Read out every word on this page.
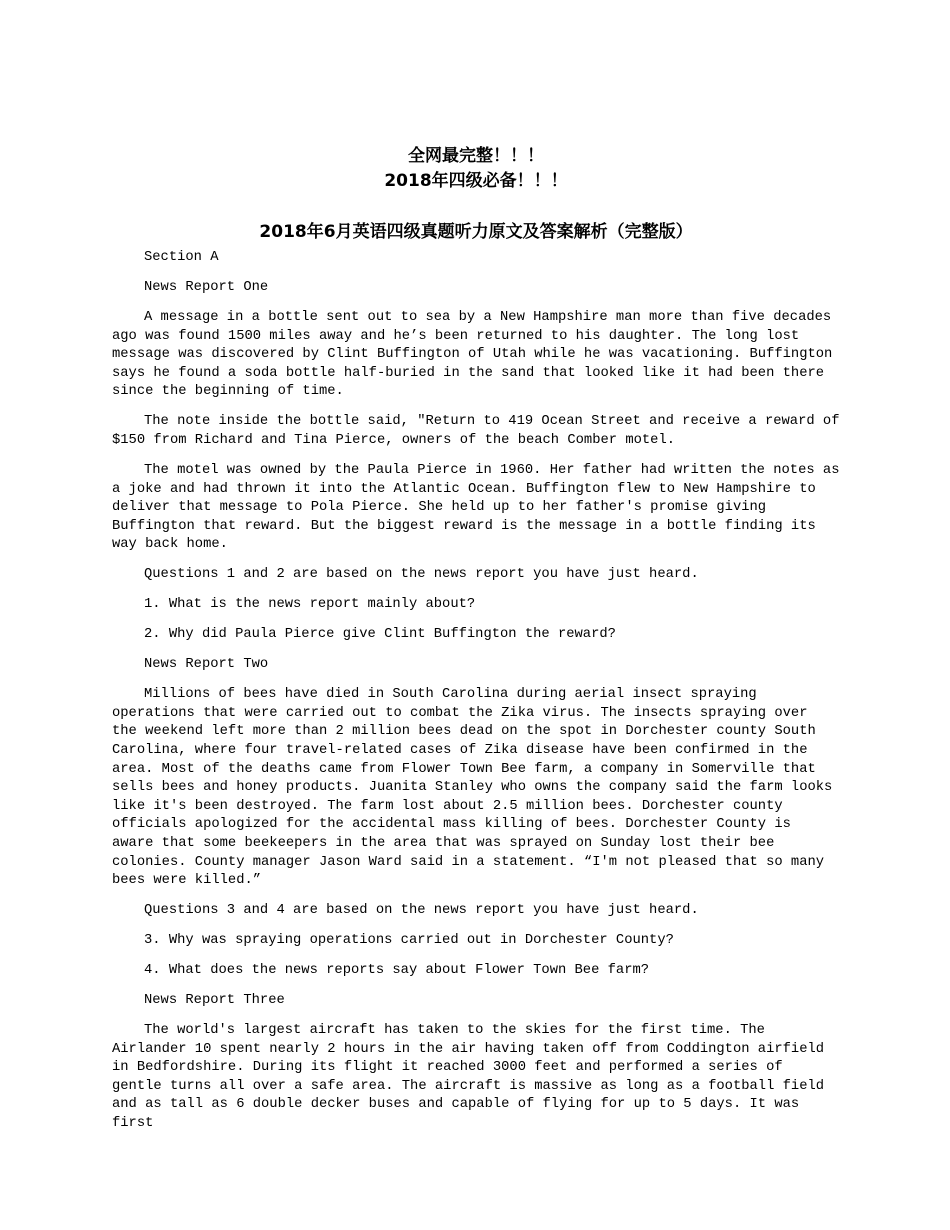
全网最完整！！！

2018年四级必备！！！

2018年6月英语四级真题听力原文及答案解析（完整版）

Section A

News Report One

A message in a bottle sent out to sea by a New Hampshire man more than five decades ago was found 1500 miles away and he’s been returned to his daughter. The long lost message was discovered by Clint Buffington of Utah while he was vacationing. Buffington says he found a soda bottle half-buried in the sand that looked like it had been there since the beginning of time.

The note inside the bottle said, "Return to 419 Ocean Street and receive a reward of $150 from Richard and Tina Pierce, owners of the beach Comber motel.

The motel was owned by the Paula Pierce in 1960. Her father had written the notes as a joke and had thrown it into the Atlantic Ocean. Buffington flew to New Hampshire to deliver that message to Pola Pierce. She held up to her father's promise giving Buffington that reward. But the biggest reward is the message in a bottle finding its way back home.

Questions 1 and 2 are based on the news report you have just heard.

1. What is the news report mainly about?

2. Why did Paula Pierce give Clint Buffington the reward?

News Report Two

Millions of bees have died in South Carolina during aerial insect spraying operations that were carried out to combat the Zika virus. The insects spraying over the weekend left more than 2 million bees dead on the spot in Dorchester county South Carolina, where four travel-related cases of Zika disease have been confirmed in the area. Most of the deaths came from Flower Town Bee farm, a company in Somerville that sells bees and honey products. Juanita Stanley who owns the company said the farm looks like it's been destroyed. The farm lost about 2.5 million bees. Dorchester county officials apologized for the accidental mass killing of bees. Dorchester County is aware that some beekeepers in the area that was sprayed on Sunday lost their bee colonies. County manager Jason Ward said in a statement. “I'm not pleased that so many bees were killed.”

Questions 3 and 4 are based on the news report you have just heard.

3. Why was spraying operations carried out in Dorchester County?

4. What does the news reports say about Flower Town Bee farm?

News Report Three

The world's largest aircraft has taken to the skies for the first time. The Airlander 10 spent nearly 2 hours in the air having taken off from Coddington airfield in Bedfordshire. During its flight it reached 3000 feet and performed a series of gentle turns all over a safe area. The aircraft is massive as long as a football field and as tall as 6 double decker buses and capable of flying for up to 5 days. It was first
